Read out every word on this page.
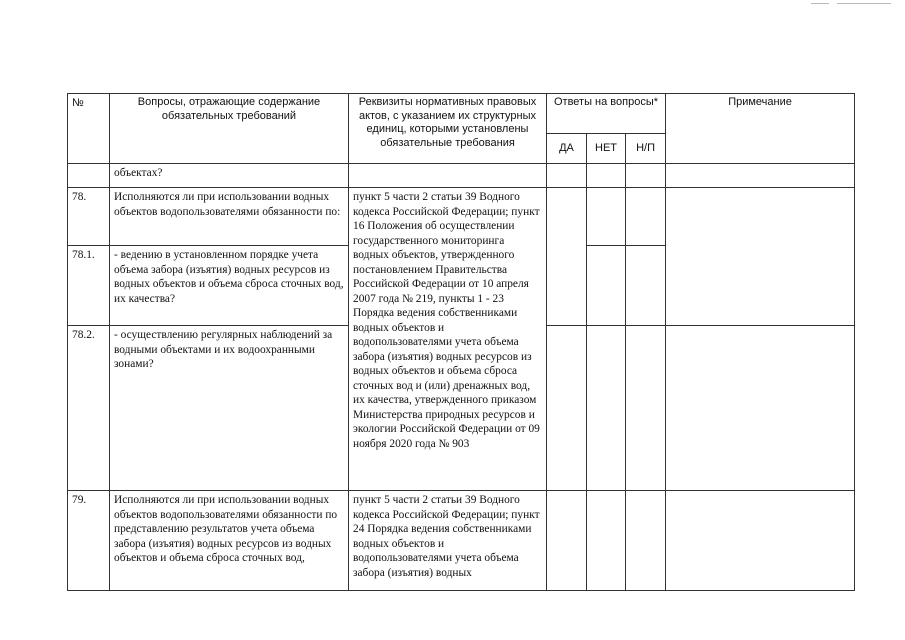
№	Вопросы, отражающие содержание обязательных требований	Реквизиты нормативных правовых актов, с указанием их структурных единиц, которыми установлены обязательные требования	Ответы на вопросы*			Примечание
			ДА	НЕТ	Н/П	
	объектах?					
78.	Исполняются ли при использовании водных объектов водопользователями обязанности по:	пункт 5 части 2 статьи 39 Водного кодекса Российской Федерации; пункт 16 Положения об осуществлении государственного мониторинга водных объектов, утвержденного постановлением Правительства Российской Федерации от 10 апреля 2007 года № 219, пункты 1 - 23 Порядка ведения собственниками водных объектов и водопользователями учета объема забора (изъятия) водных ресурсов из водных объектов и объема сброса сточных вод и (или) дренажных вод, их качества, утвержденного приказом Министерства природных ресурсов и экологии Российской Федерации от 09 ноября 2020 года № 903				
78.1.	- ведению в установленном порядке учета объема забора (изъятия) водных ресурсов из водных объектов и объема сброса сточных вод, их качества?					
78.2.	- осуществлению регулярных наблюдений за водными объектами и их водоохранными зонами?					
79.	Исполняются ли при использовании водных объектов водопользователями обязанности по представлению результатов учета объема забора (изъятия) водных ресурсов из водных объектов и объема сброса сточных вод,	пункт 5 части 2 статьи 39 Водного кодекса Российской Федерации; пункт 24 Порядка ведения собственниками водных объектов и водопользователями учета объема забора (изъятия) водных				
